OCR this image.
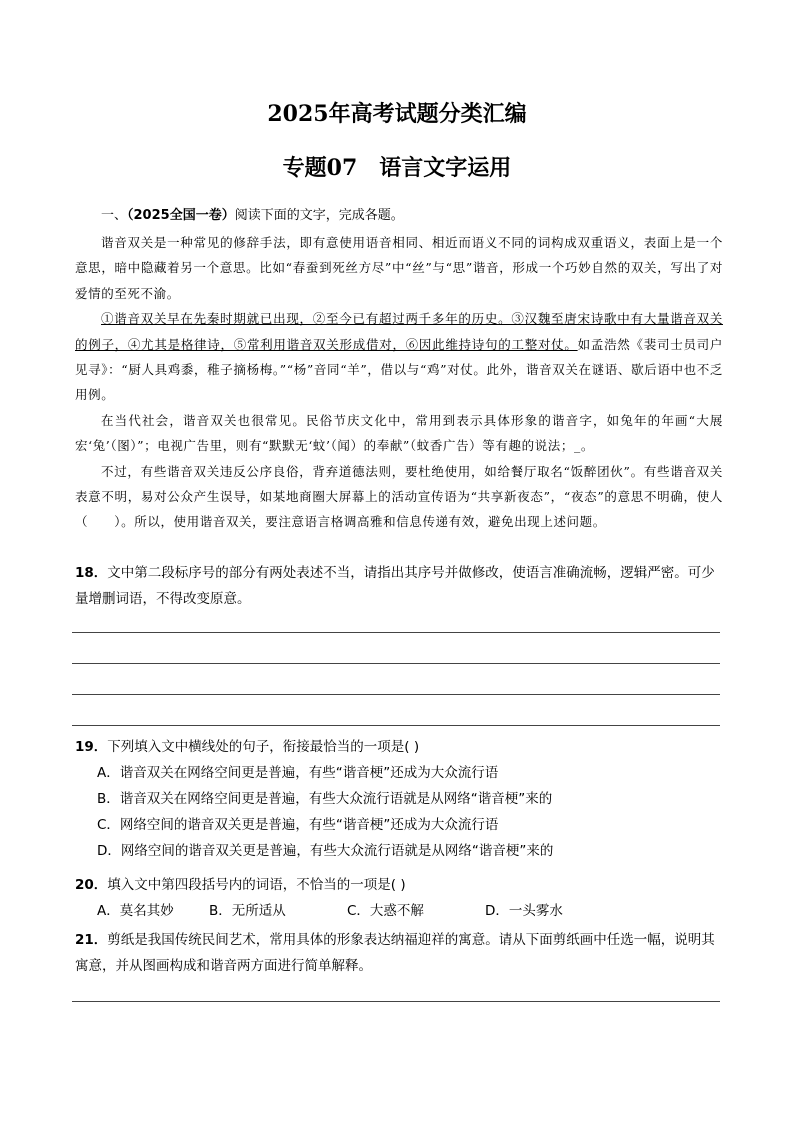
2025年高考试题分类汇编
专题07 语言文字运用
一、（2025全国一卷）阅读下面的文字，完成各题。

谐音双关是一种常见的修辞手法，即有意使用语音相同、相近而语义不同的词构成双重语义，表面上是一个意思，暗中隐藏着另一个意思。比如“春蚕到死丝方尽”中“丝”与“思”谐音，形成一个巧妙自然的双关，写出了对爱情的至死不渝。

①谐音双关早在先秦时期就已出现，②至今已有超过两千多年的历史。③汉魏至唐宋诗歌中有大量谐音双关的例子，④尤其是格律诗，⑤常利用谐音双关形成借对，⑥因此维持诗句的工整对仗。如孟浩然《裴司士员司户见寻》：“厨人具鸡黍，稚子摘杨梅。”“杨”音同“羊”，借以与“鸡”对仗。此外，谐音双关在谜语、歇后语中也不乏用例。

在当代社会，谐音双关也很常见。民俗节庆文化中，常用到表示具体形象的谐音字，如兔年的年画“大展宏‘兔’（图）”；电视广告里，则有“默默无‘蚊’（闻）的奉献”（蚊香广告）等有趣的说法；_。

不过，有些谐音双关违反公序良俗，背弃道德法则，要杜绝使用，如给餐厅取名“饭醉团伙”。有些谐音双关表意不明，易对公众产生误导，如某地商圈大屏幕上的活动宣传语为“共享新夜态”，“夜态”的意思不明确，使人（　　）。所以，使用谐音双关，要注意语言格调高雅和信息传递有效，避免出现上述问题。

18．文中第二段标序号的部分有两处表述不当，请指出其序号并做修改，使语言准确流畅，逻辑严密。可少量增删词语，不得改变原意。
19．下列填入文中横线处的句子，衔接最恰当的一项是( )
A．谐音双关在网络空间更是普遍，有些“谐音梗”还成为大众流行语
B．谐音双关在网络空间更是普遍，有些大众流行语就是从网络“谐音梗”来的
C．网络空间的谐音双关更是普遍，有些“谐音梗”还成为大众流行语
D．网络空间的谐音双关更是普遍，有些大众流行语就是从网络“谐音梗”来的
20．填入文中第四段括号内的词语，不恰当的一项是( )
A．莫名其妙	B．无所适从	C．大惑不解	D．一头雾水
21．剪纸是我国传统民间艺术，常用具体的形象表达纳福迎祥的寓意。请从下面剪纸画中任选一幅，说明其寓意，并从图画构成和谐音两方面进行简单解释。
